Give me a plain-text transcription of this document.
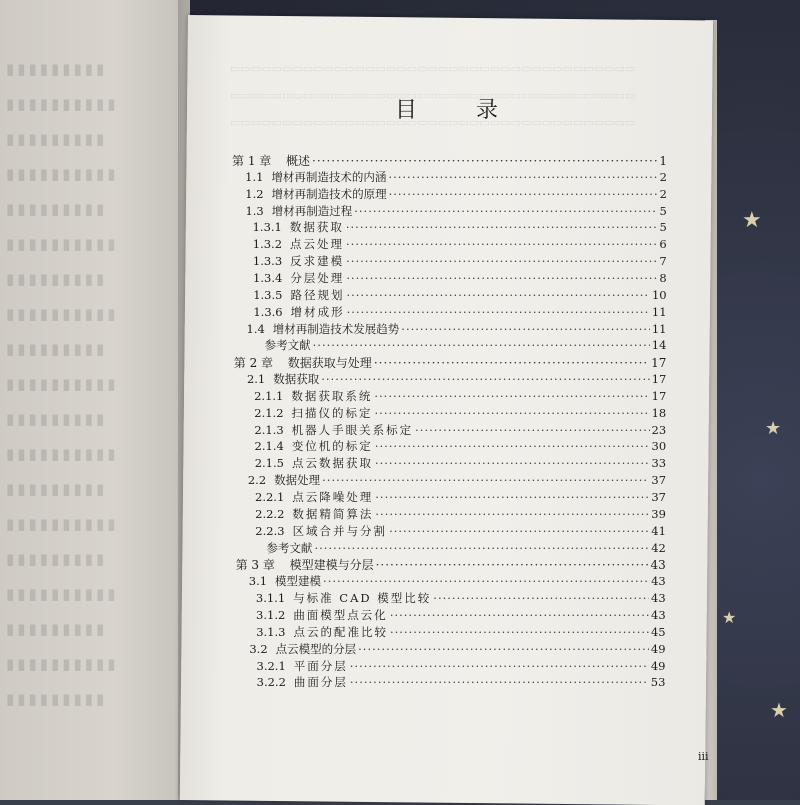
★
★
★
★
▮▮▮▮▮▮▮▮▮
▮▮▮▮▮▮▮▮▮▮
▮▮▮▮▮▮▮▮▮
▮▮▮▮▮▮▮▮▮▮
▮▮▮▮▮▮▮▮▮
▮▮▮▮▮▮▮▮▮▮
▮▮▮▮▮▮▮▮▮
▮▮▮▮▮▮▮▮▮▮
▮▮▮▮▮▮▮▮▮
▮▮▮▮▮▮▮▮▮▮
▮▮▮▮▮▮▮▮▮
▮▮▮▮▮▮▮▮▮▮
▮▮▮▮▮▮▮▮▮
▮▮▮▮▮▮▮▮▮▮
▮▮▮▮▮▮▮▮▮
▮▮▮▮▮▮▮▮▮▮
▮▮▮▮▮▮▮▮▮
▮▮▮▮▮▮▮▮▮▮
▮▮▮▮▮▮▮▮▮
▭▭▭▭▭▭▭▭▭▭▭▭▭▭▭▭▭▭▭▭▭▭▭▭▭▭▭▭▭▭▭▭▭▭▭▭▭▭▭
▭▭▭▭▭▭▭▭▭▭▭▭▭▭▭▭▭▭▭▭▭▭▭▭▭▭▭▭▭▭▭▭▭▭▭▭▭▭▭
▭▭▭▭▭▭▭▭▭▭▭▭▭▭▭▭▭▭▭▭▭▭▭▭▭▭▭▭▭▭▭▭▭▭▭▭▭▭▭
目 录
第 1 章	概述 ·····	1
1.1 增材再制造技术的内涵 ·····	2
1.2 增材再制造技术的原理 ·····	2
1.3 增材再制造过程 ·····	5
1.3.1 数据获取 ·····	5
1.3.2 点云处理 ·····	6
1.3.3 反求建模 ·····	7
1.3.4 分层处理 ·····	8
1.3.5 路径规划 ·····	10
1.3.6 增材成形 ·····	11
1.4 增材再制造技术发展趋势 ·····	11
参考文献 ·····	14
第 2 章	数据获取与处理 ·····	17
2.1 数据获取 ·····	17
2.1.1 数据获取系统 ·····	17
2.1.2 扫描仪的标定 ·····	18
2.1.3 机器人手眼关系标定 ·····	23
2.1.4 变位机的标定 ·····	30
2.1.5 点云数据获取 ·····	33
2.2 数据处理 ·····	37
2.2.1 点云降噪处理 ·····	37
2.2.2 数据精简算法 ·····	39
2.2.3 区域合并与分割 ·····	41
参考文献 ·····	42
第 3 章	模型建模与分层 ·····	43
3.1 模型建模 ·····	43
3.1.1 与标准 CAD 模型比较 ·····	43
3.1.2 曲面模型点云化 ·····	43
3.1.3 点云的配准比较 ·····	45
3.2 点云模型的分层 ·····	49
3.2.1 平面分层 ·····	49
3.2.2 曲面分层 ·····	53
iii
